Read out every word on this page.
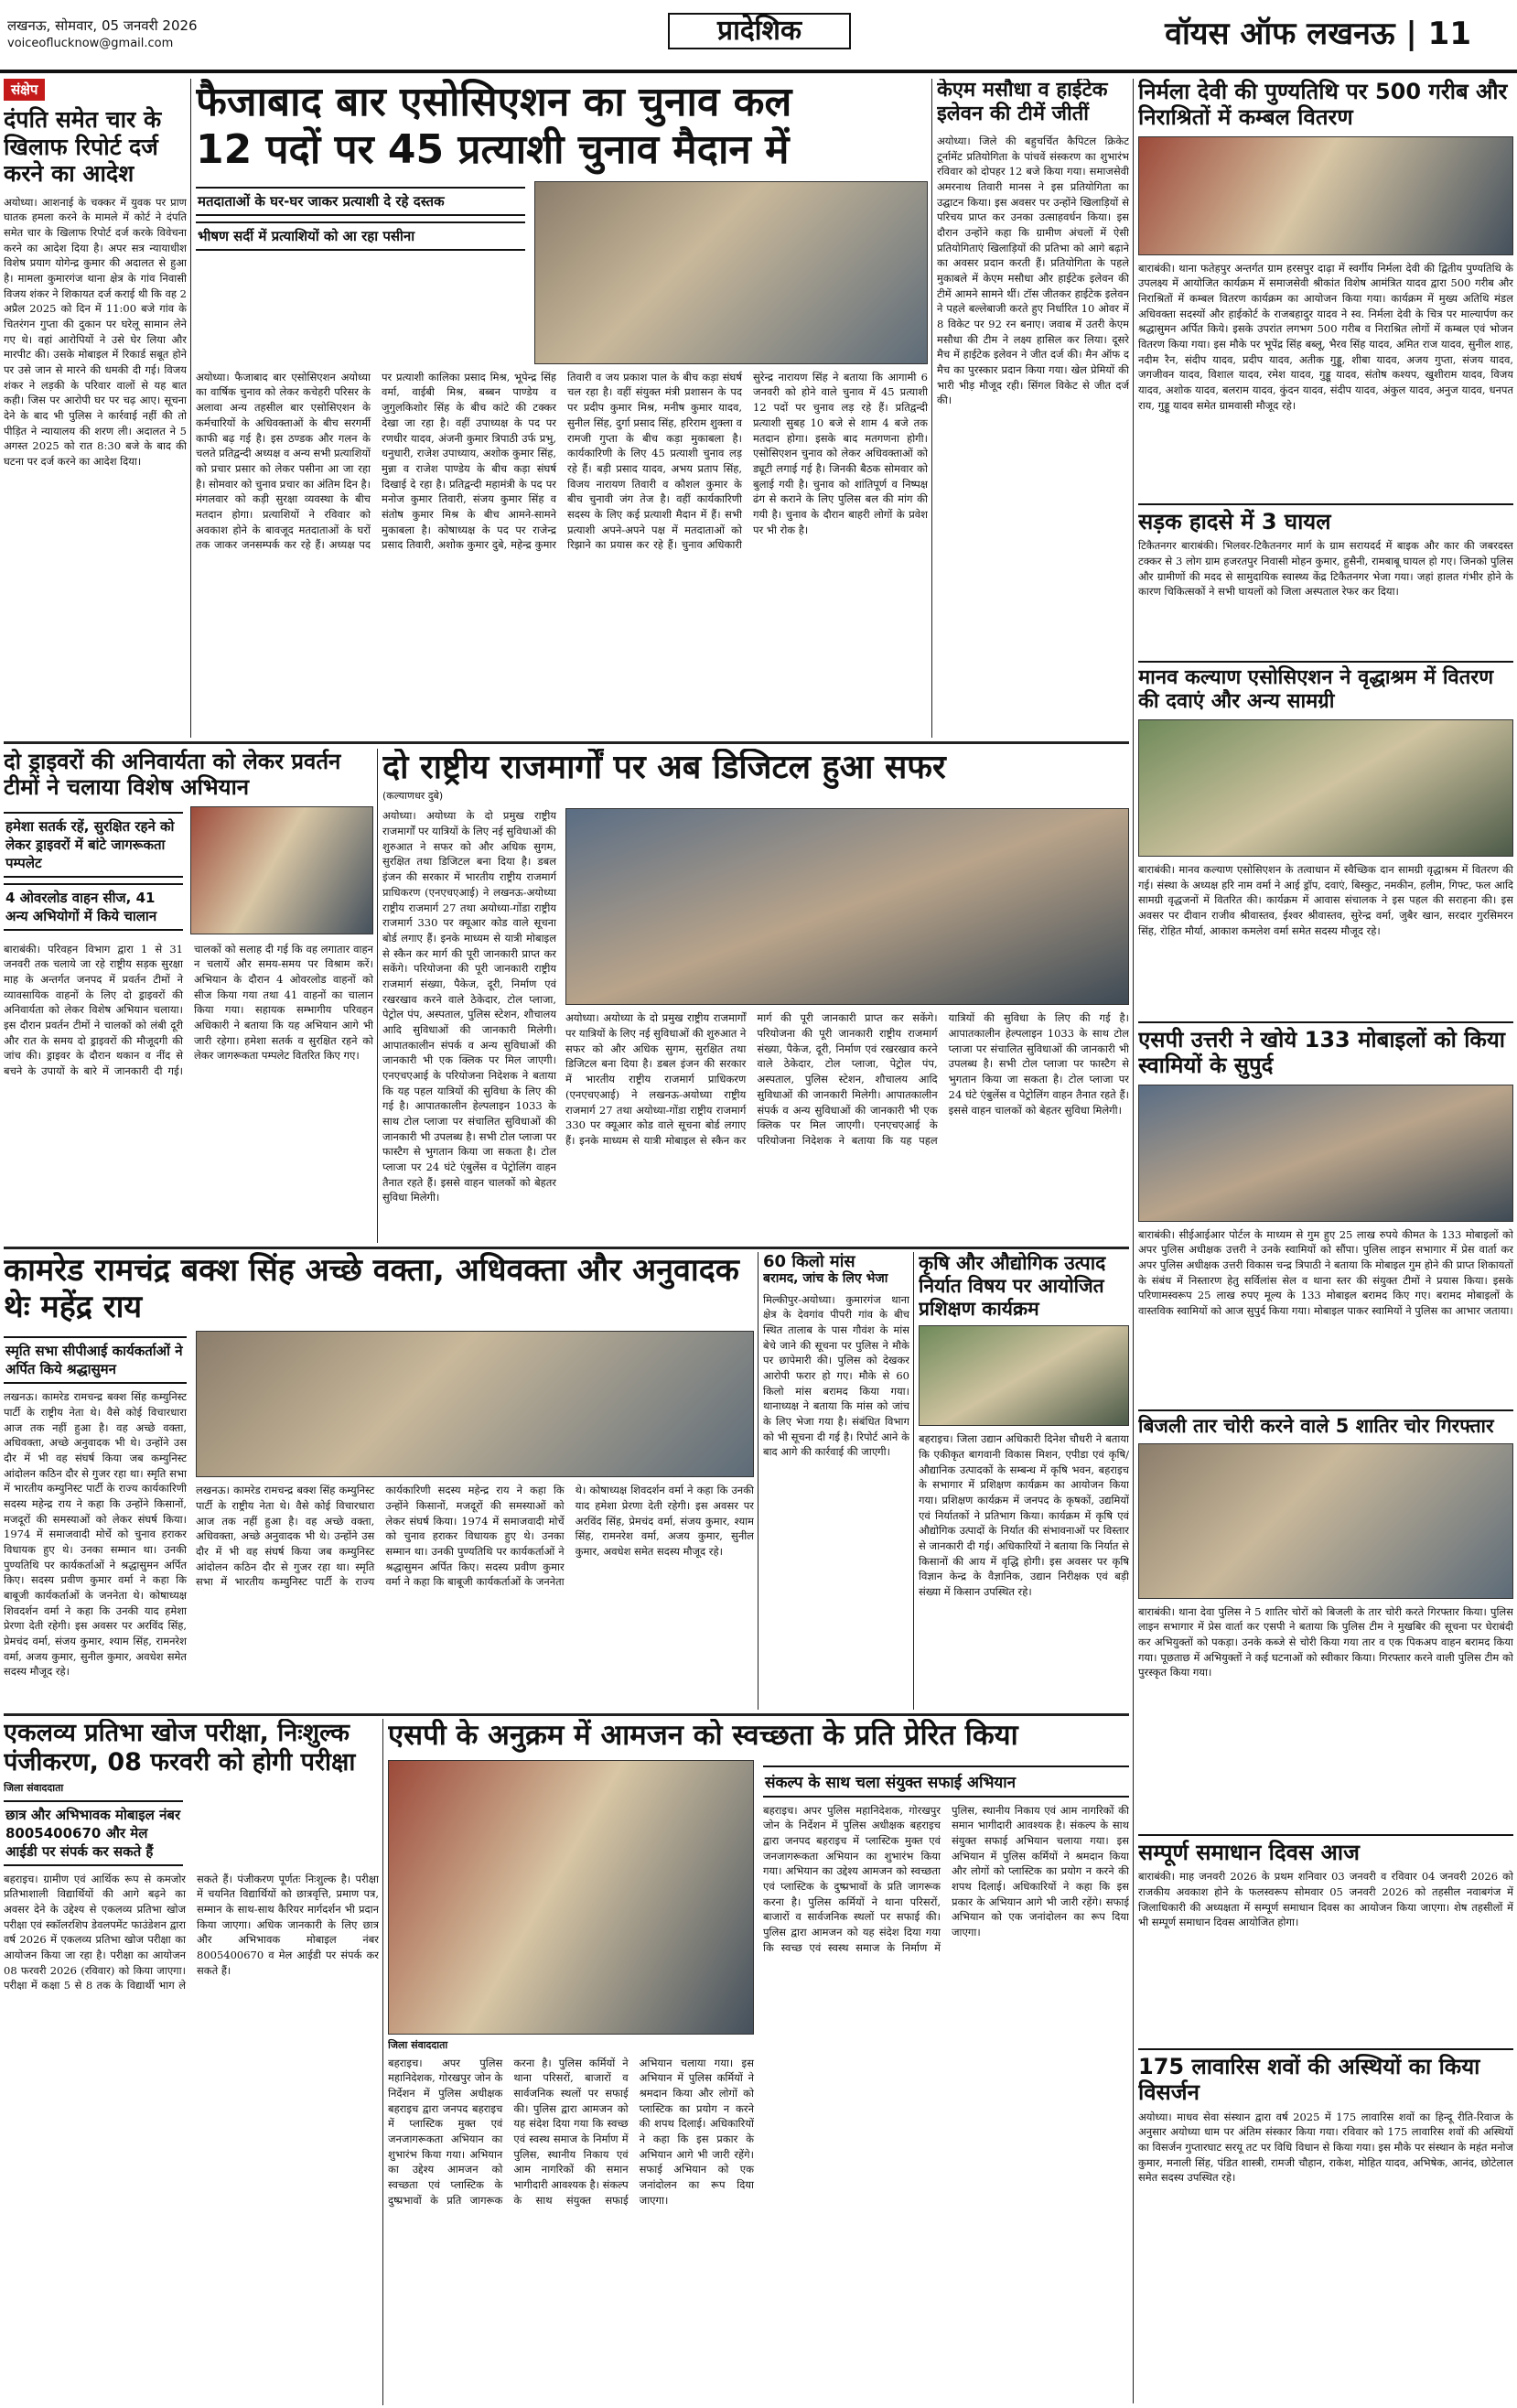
लखनऊ, सोमवार, 05 जनवरी 2026
voiceoflucknow@gmail.com	प्रादेशिक	वॉयस ऑफ लखनऊ | 11
संक्षेप
दंपति समेत चार के खिलाफ रिपोर्ट दर्ज करने का आदेश
अयोध्या। आशनाई के चक्कर में युवक पर प्राण घातक हमला करने के मामले में कोर्ट ने दंपति समेत चार के खिलाफ रिपोर्ट दर्ज करके विवेचना करने का आदेश दिया है। अपर सत्र न्यायाधीश विशेष प्रयाग योगेन्द्र कुमार की अदालत से हुआ है। मामला कुमारगंज थाना क्षेत्र के गांव निवासी विजय शंकर ने शिकायत दर्ज कराई थी कि वह 2 अप्रैल 2025 को दिन में 11:00 बजे गांव के चितरंगन गुप्ता की दुकान पर घरेलू सामान लेने गए थे। वहां आरोपियों ने उसे घेर लिया और मारपीट की। उसके मोबाइल में रिकार्ड सबूत होने पर उसे जान से मारने की धमकी दी गई। विजय शंकर ने लड़की के परिवार वालों से यह बात कही। जिस पर आरोपी घर पर चढ़ आए। सूचना देने के बाद भी पुलिस ने कार्रवाई नहीं की तो पीड़ित ने न्यायालय की शरण ली। अदालत ने 5 अगस्त 2025 को रात 8:30 बजे के बाद की घटना पर दर्ज करने का आदेश दिया।
फैजाबाद बार एसोसिएशन का चुनाव कल
12 पदों पर 45 प्रत्याशी चुनाव मैदान में
मतदाताओं के घर-घर जाकर प्रत्याशी दे रहे दस्तक
भीषण सर्दी में प्रत्याशियों को आ रहा पसीना
अयोध्या। फैजाबाद बार एसोसिएशन अयोध्या का वार्षिक चुनाव को लेकर कचेहरी परिसर के अलावा अन्य तहसील बार एसोसिएशन के कर्मचारियों के अधिवक्ताओं के बीच सरगर्मी काफी बढ़ गई है। इस ठण्डक और गलन के चलते प्रतिद्वन्दी अध्यक्ष व अन्य सभी प्रत्याशियों को प्रचार प्रसार को लेकर पसीना आ जा रहा है। सोमवार को चुनाव प्रचार का अंतिम दिन है। मंगलवार को कड़ी सुरक्षा व्यवस्था के बीच मतदान होगा। प्रत्याशियों ने रविवार को अवकाश होने के बावजूद मतदाताओं के घरों तक जाकर जनसम्पर्क कर रहे हैं। अध्यक्ष पद पर प्रत्याशी कालिका प्रसाद मिश्र, भूपेन्द्र सिंह वर्मा, वाईबी मिश्र, बब्बन पाण्डेय व जुगुलकिशोर सिंह के बीच कांटे की टक्कर देखा जा रहा है। वहीं उपाध्यक्ष के पद पर रणधीर यादव, अंजनी कुमार त्रिपाठी उर्फ प्रभु, धनुधारी, राजेश उपाध्याय, अशोक कुमार सिंह, मुन्ना व राजेश पाण्डेय के बीच कड़ा संघर्ष दिखाई दे रहा है। प्रतिद्वन्दी महामंत्री के पद पर मनोज कुमार तिवारी, संजय कुमार सिंह व संतोष कुमार मिश्र के बीच आमने-सामने मुकाबला है। कोषाध्यक्ष के पद पर राजेन्द्र प्रसाद तिवारी, अशोक कुमार दुबे, महेन्द्र कुमार तिवारी व जय प्रकाश पाल के बीच कड़ा संघर्ष चल रहा है। वहीं संयुक्त मंत्री प्रशासन के पद पर प्रदीप कुमार मिश्र, मनीष कुमार यादव, सुनील सिंह, दुर्गा प्रसाद सिंह, हरिराम शुक्ला व रामजी गुप्ता के बीच कड़ा मुकाबला है। कार्यकारिणी के लिए 45 प्रत्याशी चुनाव लड़ रहे हैं। बड़ी प्रसाद यादव, अभय प्रताप सिंह, विजय नारायण तिवारी व कौशल कुमार के बीच चुनावी जंग तेज है। वहीं कार्यकारिणी सदस्य के लिए कई प्रत्याशी मैदान में हैं। सभी प्रत्याशी अपने-अपने पक्ष में मतदाताओं को रिझाने का प्रयास कर रहे हैं। चुनाव अधिकारी सुरेन्द्र नारायण सिंह ने बताया कि आगामी 6 जनवरी को होने वाले चुनाव में 45 प्रत्याशी 12 पदों पर चुनाव लड़ रहे हैं। प्रतिद्वन्दी प्रत्याशी सुबह 10 बजे से शाम 4 बजे तक मतदान होगा। इसके बाद मतगणना होगी। एसोसिएशन चुनाव को लेकर अधिवक्ताओं को ड्यूटी लगाई गई है। जिनकी बैठक सोमवार को बुलाई गयी है। चुनाव को शांतिपूर्ण व निष्पक्ष ढंग से कराने के लिए पुलिस बल की मांग की गयी है। चुनाव के दौरान बाहरी लोगों के प्रवेश पर भी रोक है।
केएम मसौधा व हाईटेक इलेवन की टीमें जीतीं
अयोध्या। जिले की बहुचर्चित कैपिटल क्रिकेट टूर्नामेंट प्रतियोगिता के पांचवें संस्करण का शुभारंभ रविवार को दोपहर 12 बजे किया गया। समाजसेवी अमरनाथ तिवारी मानस ने इस प्रतियोगिता का उद्घाटन किया। इस अवसर पर उन्होंने खिलाड़ियों से परिचय प्राप्त कर उनका उत्साहवर्धन किया। इस दौरान उन्होंने कहा कि ग्रामीण अंचलों में ऐसी प्रतियोगिताएं खिलाड़ियों की प्रतिभा को आगे बढ़ाने का अवसर प्रदान करती हैं। प्रतियोगिता के पहले मुकाबले में केएम मसौधा और हाईटेक इलेवन की टीमें आमने सामने थीं। टॉस जीतकर हाईटेक इलेवन ने पहले बल्लेबाजी करते हुए निर्धारित 10 ओवर में 8 विकेट पर 92 रन बनाए। जवाब में उतरी केएम मसौधा की टीम ने लक्ष्य हासिल कर लिया। दूसरे मैच में हाईटेक इलेवन ने जीत दर्ज की। मैन ऑफ द मैच का पुरस्कार प्रदान किया गया। खेल प्रेमियों की भारी भीड़ मौजूद रही। सिंगल विकेट से जीत दर्ज की।
निर्मला देवी की पुण्यतिथि पर 500 गरीब और निराश्रितों में कम्बल वितरण
बाराबंकी। थाना फतेहपुर अन्तर्गत ग्राम हरसपुर दाढ़ा में स्वर्गीय निर्मला देवी की द्वितीय पुण्यतिथि के उपलक्ष्य में आयोजित कार्यक्रम में समाजसेवी श्रीकांत विशेष आमंत्रित यादव द्वारा 500 गरीब और निराश्रितों में कम्बल वितरण कार्यक्रम का आयोजन किया गया। कार्यक्रम में मुख्य अतिथि मंडल अधिवक्ता सदस्यों और हाईकोर्ट के राजबहादुर यादव ने स्व. निर्मला देवी के चित्र पर माल्यार्पण कर श्रद्धासुमन अर्पित किये। इसके उपरांत लगभग 500 गरीब व निराश्रित लोगों में कम्बल एवं भोजन वितरण किया गया। इस मौके पर भूपेंद्र सिंह बब्लू, भैरव सिंह यादव, अमित राज यादव, सुनील शाह, नदीम रैन, संदीप यादव, प्रदीप यादव, अतीक गुड्डू, शीबा यादव, अजय गुप्ता, संजय यादव, जगजीवन यादव, विशाल यादव, रमेश यादव, गुड्डू यादव, संतोष कश्यप, खुशीराम यादव, विजय यादव, अशोक यादव, बलराम यादव, कुंदन यादव, संदीप यादव, अंकुल यादव, अनुज यादव, धनपत राय, गुड्डू यादव समेत ग्रामवासी मौजूद रहे।
सड़क हादसे में 3 घायल
टिकैतनगर बाराबंकी। भिलवर-टिकैतनगर मार्ग के ग्राम सरायदर्द में बाइक और कार की जबरदस्त टक्कर से 3 लोग ग्राम हजरतपुर निवासी मोहन कुमार, हुसैनी, रामबाबू घायल हो गए। जिनको पुलिस और ग्रामीणों की मदद से सामुदायिक स्वास्थ्य केंद्र टिकैतनगर भेजा गया। जहां हालत गंभीर होने के कारण चिकित्सकों ने सभी घायलों को जिला अस्पताल रेफर कर दिया।
मानव कल्याण एसोसिएशन ने वृद्धाश्रम में वितरण की दवाएं और अन्य सामग्री
बाराबंकी। मानव कल्याण एसोसिएशन के तत्वाधान में स्वैच्छिक दान सामग्री वृद्धाश्रम में वितरण की गई। संस्था के अध्यक्ष हरि नाम वर्मा ने आई ड्रॉप, दवाएं, बिस्कुट, नमकीन, हलीम, गिफ्ट, फल आदि सामग्री वृद्धजनों में वितरित की। कार्यक्रम में आवास संचालक ने इस पहल की सराहना की। इस अवसर पर दीवान राजीव श्रीवास्तव, ईश्वर श्रीवास्तव, सुरेन्द्र वर्मा, जुबैर खान, सरदार गुरसिमरन सिंह, रोहित मौर्या, आकाश कमलेश वर्मा समेत सदस्य मौजूद रहे।
एसपी उत्तरी ने खोये 133 मोबाइलों को किया स्वामियों के सुपुर्द
बाराबंकी। सीईआईआर पोर्टल के माध्यम से गुम हुए 25 लाख रुपये कीमत के 133 मोबाइलों को अपर पुलिस अधीक्षक उत्तरी ने उनके स्वामियों को सौंपा। पुलिस लाइन सभागार में प्रेस वार्ता कर अपर पुलिस अधीक्षक उत्तरी विकास चन्द्र त्रिपाठी ने बताया कि मोबाइल गुम होने की प्राप्त शिकायतों के संबंध में निस्तारण हेतु सर्विलांस सेल व थाना स्तर की संयुक्त टीमों ने प्रयास किया। इसके परिणामस्वरूप 25 लाख रुपए मूल्य के 133 मोबाइल बरामद किए गए। बरामद मोबाइलों के वास्तविक स्वामियों को आज सुपुर्द किया गया। मोबाइल पाकर स्वामियों ने पुलिस का आभार जताया।
बिजली तार चोरी करने वाले 5 शातिर चोर गिरफ्तार
बाराबंकी। थाना देवा पुलिस ने 5 शातिर चोरों को बिजली के तार चोरी करते गिरफ्तार किया। पुलिस लाइन सभागार में प्रेस वार्ता कर एसपी ने बताया कि पुलिस टीम ने मुखबिर की सूचना पर घेराबंदी कर अभियुक्तों को पकड़ा। उनके कब्जे से चोरी किया गया तार व एक पिकअप वाहन बरामद किया गया। पूछताछ में अभियुक्तों ने कई घटनाओं को स्वीकार किया। गिरफ्तार करने वाली पुलिस टीम को पुरस्कृत किया गया।
सम्पूर्ण समाधान दिवस आज
बाराबंकी। माह जनवरी 2026 के प्रथम शनिवार 03 जनवरी व रविवार 04 जनवरी 2026 को राजकीय अवकाश होने के फलस्वरूप सोमवार 05 जनवरी 2026 को तहसील नवाबगंज में जिलाधिकारी की अध्यक्षता में सम्पूर्ण समाधान दिवस का आयोजन किया जाएगा। शेष तहसीलों में भी सम्पूर्ण समाधान दिवस आयोजित होगा।
175 लावारिस शवों की अस्थियों का किया विसर्जन
अयोध्या। माधव सेवा संस्थान द्वारा वर्ष 2025 में 175 लावारिस शवों का हिन्दू रीति-रिवाज के अनुसार अयोध्या धाम पर अंतिम संस्कार किया गया। रविवार को 175 लावारिस शवों की अस्थियों का विसर्जन गुप्तारघाट सरयू तट पर विधि विधान से किया गया। इस मौके पर संस्थान के महंत मनोज कुमार, मनाली सिंह, पंडित शास्त्री, रामजी चौहान, राकेश, मोहित यादव, अभिषेक, आनंद, छोटेलाल समेत सदस्य उपस्थित रहे।
दो ड्राइवरों की अनिवार्यता को लेकर प्रवर्तन टीमों ने चलाया विशेष अभियान
हमेशा सतर्क रहें, सुरक्षित रहने को लेकर ड्राइवरों में बांटे जागरूकता पम्पलेट
4 ओवरलोड वाहन सीज, 41 अन्य अभियोगों में किये चालान
बाराबंकी। परिवहन विभाग द्वारा 1 से 31 जनवरी तक चलाये जा रहे राष्ट्रीय सड़क सुरक्षा माह के अन्तर्गत जनपद में प्रवर्तन टीमों ने व्यावसायिक वाहनों के लिए दो ड्राइवरों की अनिवार्यता को लेकर विशेष अभियान चलाया। इस दौरान प्रवर्तन टीमों ने चालकों को लंबी दूरी और रात के समय दो ड्राइवरों की मौजूदगी की जांच की। ड्राइवर के दौरान थकान व नींद से बचने के उपायों के बारे में जानकारी दी गई। चालकों को सलाह दी गई कि वह लगातार वाहन न चलायें और समय-समय पर विश्राम करें। अभियान के दौरान 4 ओवरलोड वाहनों को सीज किया गया तथा 41 वाहनों का चालान किया गया। सहायक सम्भागीय परिवहन अधिकारी ने बताया कि यह अभियान आगे भी जारी रहेगा। हमेशा सतर्क व सुरक्षित रहने को लेकर जागरूकता पम्पलेट वितरित किए गए।
दो राष्ट्रीय राजमार्गों पर अब डिजिटल हुआ सफर
(कल्याणधर दुबे)
अयोध्या। अयोध्या के दो प्रमुख राष्ट्रीय राजमार्गों पर यात्रियों के लिए नई सुविधाओं की शुरुआत ने सफर को और अधिक सुगम, सुरक्षित तथा डिजिटल बना दिया है। डबल इंजन की सरकार में भारतीय राष्ट्रीय राजमार्ग प्राधिकरण (एनएचएआई) ने लखनऊ-अयोध्या राष्ट्रीय राजमार्ग 27 तथा अयोध्या-गोंडा राष्ट्रीय राजमार्ग 330 पर क्यूआर कोड वाले सूचना बोर्ड लगाए हैं। इनके माध्यम से यात्री मोबाइल से स्कैन कर मार्ग की पूरी जानकारी प्राप्त कर सकेंगे। परियोजना की पूरी जानकारी राष्ट्रीय राजमार्ग संख्या, पैकेज, दूरी, निर्माण एवं रखरखाव करने वाले ठेकेदार, टोल प्लाजा, पेट्रोल पंप, अस्पताल, पुलिस स्टेशन, शौचालय आदि सुविधाओं की जानकारी मिलेगी। आपातकालीन संपर्क व अन्य सुविधाओं की जानकारी भी एक क्लिक पर मिल जाएगी। एनएचएआई के परियोजना निदेशक ने बताया कि यह पहल यात्रियों की सुविधा के लिए की गई है। आपातकालीन हेल्पलाइन 1033 के साथ टोल प्लाजा पर संचालित सुविधाओं की जानकारी भी उपलब्ध है। सभी टोल प्लाजा पर फास्टैग से भुगतान किया जा सकता है। टोल प्लाजा पर 24 घंटे एंबुलेंस व पेट्रोलिंग वाहन तैनात रहते हैं। इससे वाहन चालकों को बेहतर सुविधा मिलेगी।
अयोध्या। अयोध्या के दो प्रमुख राष्ट्रीय राजमार्गों पर यात्रियों के लिए नई सुविधाओं की शुरुआत ने सफर को और अधिक सुगम, सुरक्षित तथा डिजिटल बना दिया है। डबल इंजन की सरकार में भारतीय राष्ट्रीय राजमार्ग प्राधिकरण (एनएचएआई) ने लखनऊ-अयोध्या राष्ट्रीय राजमार्ग 27 तथा अयोध्या-गोंडा राष्ट्रीय राजमार्ग 330 पर क्यूआर कोड वाले सूचना बोर्ड लगाए हैं। इनके माध्यम से यात्री मोबाइल से स्कैन कर मार्ग की पूरी जानकारी प्राप्त कर सकेंगे। परियोजना की पूरी जानकारी राष्ट्रीय राजमार्ग संख्या, पैकेज, दूरी, निर्माण एवं रखरखाव करने वाले ठेकेदार, टोल प्लाजा, पेट्रोल पंप, अस्पताल, पुलिस स्टेशन, शौचालय आदि सुविधाओं की जानकारी मिलेगी। आपातकालीन संपर्क व अन्य सुविधाओं की जानकारी भी एक क्लिक पर मिल जाएगी। एनएचएआई के परियोजना निदेशक ने बताया कि यह पहल यात्रियों की सुविधा के लिए की गई है। आपातकालीन हेल्पलाइन 1033 के साथ टोल प्लाजा पर संचालित सुविधाओं की जानकारी भी उपलब्ध है। सभी टोल प्लाजा पर फास्टैग से भुगतान किया जा सकता है। टोल प्लाजा पर 24 घंटे एंबुलेंस व पेट्रोलिंग वाहन तैनात रहते हैं। इससे वाहन चालकों को बेहतर सुविधा मिलेगी।
कामरेड रामचंद्र बक्श सिंह अच्छे वक्ता, अधिवक्ता और अनुवादक थेः महेंद्र राय
स्मृति सभा सीपीआई कार्यकर्ताओं ने अर्पित किये श्रद्धासुमन
लखनऊ। कामरेड रामचन्द्र बक्श सिंह कम्युनिस्ट पार्टी के राष्ट्रीय नेता थे। वैसे कोई विचारधारा आज तक नहीं हुआ है। वह अच्छे वक्ता, अधिवक्ता, अच्छे अनुवादक भी थे। उन्होंने उस दौर में भी वह संघर्ष किया जब कम्युनिस्ट आंदोलन कठिन दौर से गुजर रहा था। स्मृति सभा में भारतीय कम्युनिस्ट पार्टी के राज्य कार्यकारिणी सदस्य महेन्द्र राय ने कहा कि उन्होंने किसानों, मजदूरों की समस्याओं को लेकर संघर्ष किया। 1974 में समाजवादी मोर्चे को चुनाव हराकर विधायक हुए थे। उनका सम्मान था। उनकी पुण्यतिथि पर कार्यकर्ताओं ने श्रद्धासुमन अर्पित किए। सदस्य प्रवीण कुमार वर्मा ने कहा कि बाबूजी कार्यकर्ताओं के जननेता थे। कोषाध्यक्ष शिवदर्शन वर्मा ने कहा कि उनकी याद हमेशा प्रेरणा देती रहेगी। इस अवसर पर अरविंद सिंह, प्रेमचंद वर्मा, संजय कुमार, श्याम सिंह, रामनरेश वर्मा, अजय कुमार, सुनील कुमार, अवधेश समेत सदस्य मौजूद रहे।
लखनऊ। कामरेड रामचन्द्र बक्श सिंह कम्युनिस्ट पार्टी के राष्ट्रीय नेता थे। वैसे कोई विचारधारा आज तक नहीं हुआ है। वह अच्छे वक्ता, अधिवक्ता, अच्छे अनुवादक भी थे। उन्होंने उस दौर में भी वह संघर्ष किया जब कम्युनिस्ट आंदोलन कठिन दौर से गुजर रहा था। स्मृति सभा में भारतीय कम्युनिस्ट पार्टी के राज्य कार्यकारिणी सदस्य महेन्द्र राय ने कहा कि उन्होंने किसानों, मजदूरों की समस्याओं को लेकर संघर्ष किया। 1974 में समाजवादी मोर्चे को चुनाव हराकर विधायक हुए थे। उनका सम्मान था। उनकी पुण्यतिथि पर कार्यकर्ताओं ने श्रद्धासुमन अर्पित किए। सदस्य प्रवीण कुमार वर्मा ने कहा कि बाबूजी कार्यकर्ताओं के जननेता थे। कोषाध्यक्ष शिवदर्शन वर्मा ने कहा कि उनकी याद हमेशा प्रेरणा देती रहेगी। इस अवसर पर अरविंद सिंह, प्रेमचंद वर्मा, संजय कुमार, श्याम सिंह, रामनरेश वर्मा, अजय कुमार, सुनील कुमार, अवधेश समेत सदस्य मौजूद रहे।
60 किलो मांस
बरामद, जांच के लिए भेजा
मिल्कीपुर-अयोध्या। कुमारगंज थाना क्षेत्र के देवगांव पीपरी गांव के बीच स्थित तालाब के पास गौवंश के मांस बेचे जाने की सूचना पर पुलिस ने मौके पर छापेमारी की। पुलिस को देखकर आरोपी फरार हो गए। मौके से 60 किलो मांस बरामद किया गया। थानाध्यक्ष ने बताया कि मांस को जांच के लिए भेजा गया है। संबंधित विभाग को भी सूचना दी गई है। रिपोर्ट आने के बाद आगे की कार्रवाई की जाएगी।
कृषि और औद्योगिक उत्पाद निर्यात विषय पर आयोजित प्रशिक्षण कार्यक्रम
बहराइच। जिला उद्यान अधिकारी दिनेश चौधरी ने बताया कि एकीकृत बागवानी विकास मिशन, एपीडा एवं कृषि/औद्यानिक उत्पादकों के सम्बन्ध में कृषि भवन, बहराइच के सभागार में प्रशिक्षण कार्यक्रम का आयोजन किया गया। प्रशिक्षण कार्यक्रम में जनपद के कृषकों, उद्यमियों एवं निर्यातकों ने प्रतिभाग किया। कार्यक्रम में कृषि एवं औद्योगिक उत्पादों के निर्यात की संभावनाओं पर विस्तार से जानकारी दी गई। अधिकारियों ने बताया कि निर्यात से किसानों की आय में वृद्धि होगी। इस अवसर पर कृषि विज्ञान केन्द्र के वैज्ञानिक, उद्यान निरीक्षक एवं बड़ी संख्या में किसान उपस्थित रहे।
एकलव्य प्रतिभा खोज परीक्षा, निःशुल्क पंजीकरण, 08 फरवरी को होगी परीक्षा
जिला संवाददाता
छात्र और अभिभावक मोबाइल नंबर 8005400670 और मेल आईडी पर संपर्क कर सकते हैं
बहराइच। ग्रामीण एवं आर्थिक रूप से कमजोर प्रतिभाशाली विद्यार्थियों की आगे बढ़ने का अवसर देने के उद्देश्य से एकलव्य प्रतिभा खोज परीक्षा एवं स्कॉलरशिप डेवलपमेंट फाउंडेशन द्वारा वर्ष 2026 में एकलव्य प्रतिभा खोज परीक्षा का आयोजन किया जा रहा है। परीक्षा का आयोजन 08 फरवरी 2026 (रविवार) को किया जाएगा। परीक्षा में कक्षा 5 से 8 तक के विद्यार्थी भाग ले सकते हैं। पंजीकरण पूर्णतः निःशुल्क है। परीक्षा में चयनित विद्यार्थियों को छात्रवृत्ति, प्रमाण पत्र, सम्मान के साथ-साथ कैरियर मार्गदर्शन भी प्रदान किया जाएगा। अधिक जानकारी के लिए छात्र और अभिभावक मोबाइल नंबर 8005400670 व मेल आईडी पर संपर्क कर सकते हैं।
एसपी के अनुक्रम में आमजन को स्वच्छता के प्रति प्रेरित किया
जिला संवाददाता
बहराइच। अपर पुलिस महानिदेशक, गोरखपुर जोन के निर्देशन में पुलिस अधीक्षक बहराइच द्वारा जनपद बहराइच में प्लास्टिक मुक्त एवं जनजागरूकता अभियान का शुभारंभ किया गया। अभियान का उद्देश्य आमजन को स्वच्छता एवं प्लास्टिक के दुष्प्रभावों के प्रति जागरूक करना है। पुलिस कर्मियों ने थाना परिसरों, बाजारों व सार्वजनिक स्थलों पर सफाई की। पुलिस द्वारा आमजन को यह संदेश दिया गया कि स्वच्छ एवं स्वस्थ समाज के निर्माण में पुलिस, स्थानीय निकाय एवं आम नागरिकों की समान भागीदारी आवश्यक है। संकल्प के साथ संयुक्त सफाई अभियान चलाया गया। इस अभियान में पुलिस कर्मियों ने श्रमदान किया और लोगों को प्लास्टिक का प्रयोग न करने की शपथ दिलाई। अधिकारियों ने कहा कि इस प्रकार के अभियान आगे भी जारी रहेंगे। सफाई अभियान को एक जनांदोलन का रूप दिया जाएगा।
संकल्प के साथ चला संयुक्त सफाई अभियान
बहराइच। अपर पुलिस महानिदेशक, गोरखपुर जोन के निर्देशन में पुलिस अधीक्षक बहराइच द्वारा जनपद बहराइच में प्लास्टिक मुक्त एवं जनजागरूकता अभियान का शुभारंभ किया गया। अभियान का उद्देश्य आमजन को स्वच्छता एवं प्लास्टिक के दुष्प्रभावों के प्रति जागरूक करना है। पुलिस कर्मियों ने थाना परिसरों, बाजारों व सार्वजनिक स्थलों पर सफाई की। पुलिस द्वारा आमजन को यह संदेश दिया गया कि स्वच्छ एवं स्वस्थ समाज के निर्माण में पुलिस, स्थानीय निकाय एवं आम नागरिकों की समान भागीदारी आवश्यक है। संकल्प के साथ संयुक्त सफाई अभियान चलाया गया। इस अभियान में पुलिस कर्मियों ने श्रमदान किया और लोगों को प्लास्टिक का प्रयोग न करने की शपथ दिलाई। अधिकारियों ने कहा कि इस प्रकार के अभियान आगे भी जारी रहेंगे। सफाई अभियान को एक जनांदोलन का रूप दिया जाएगा।
